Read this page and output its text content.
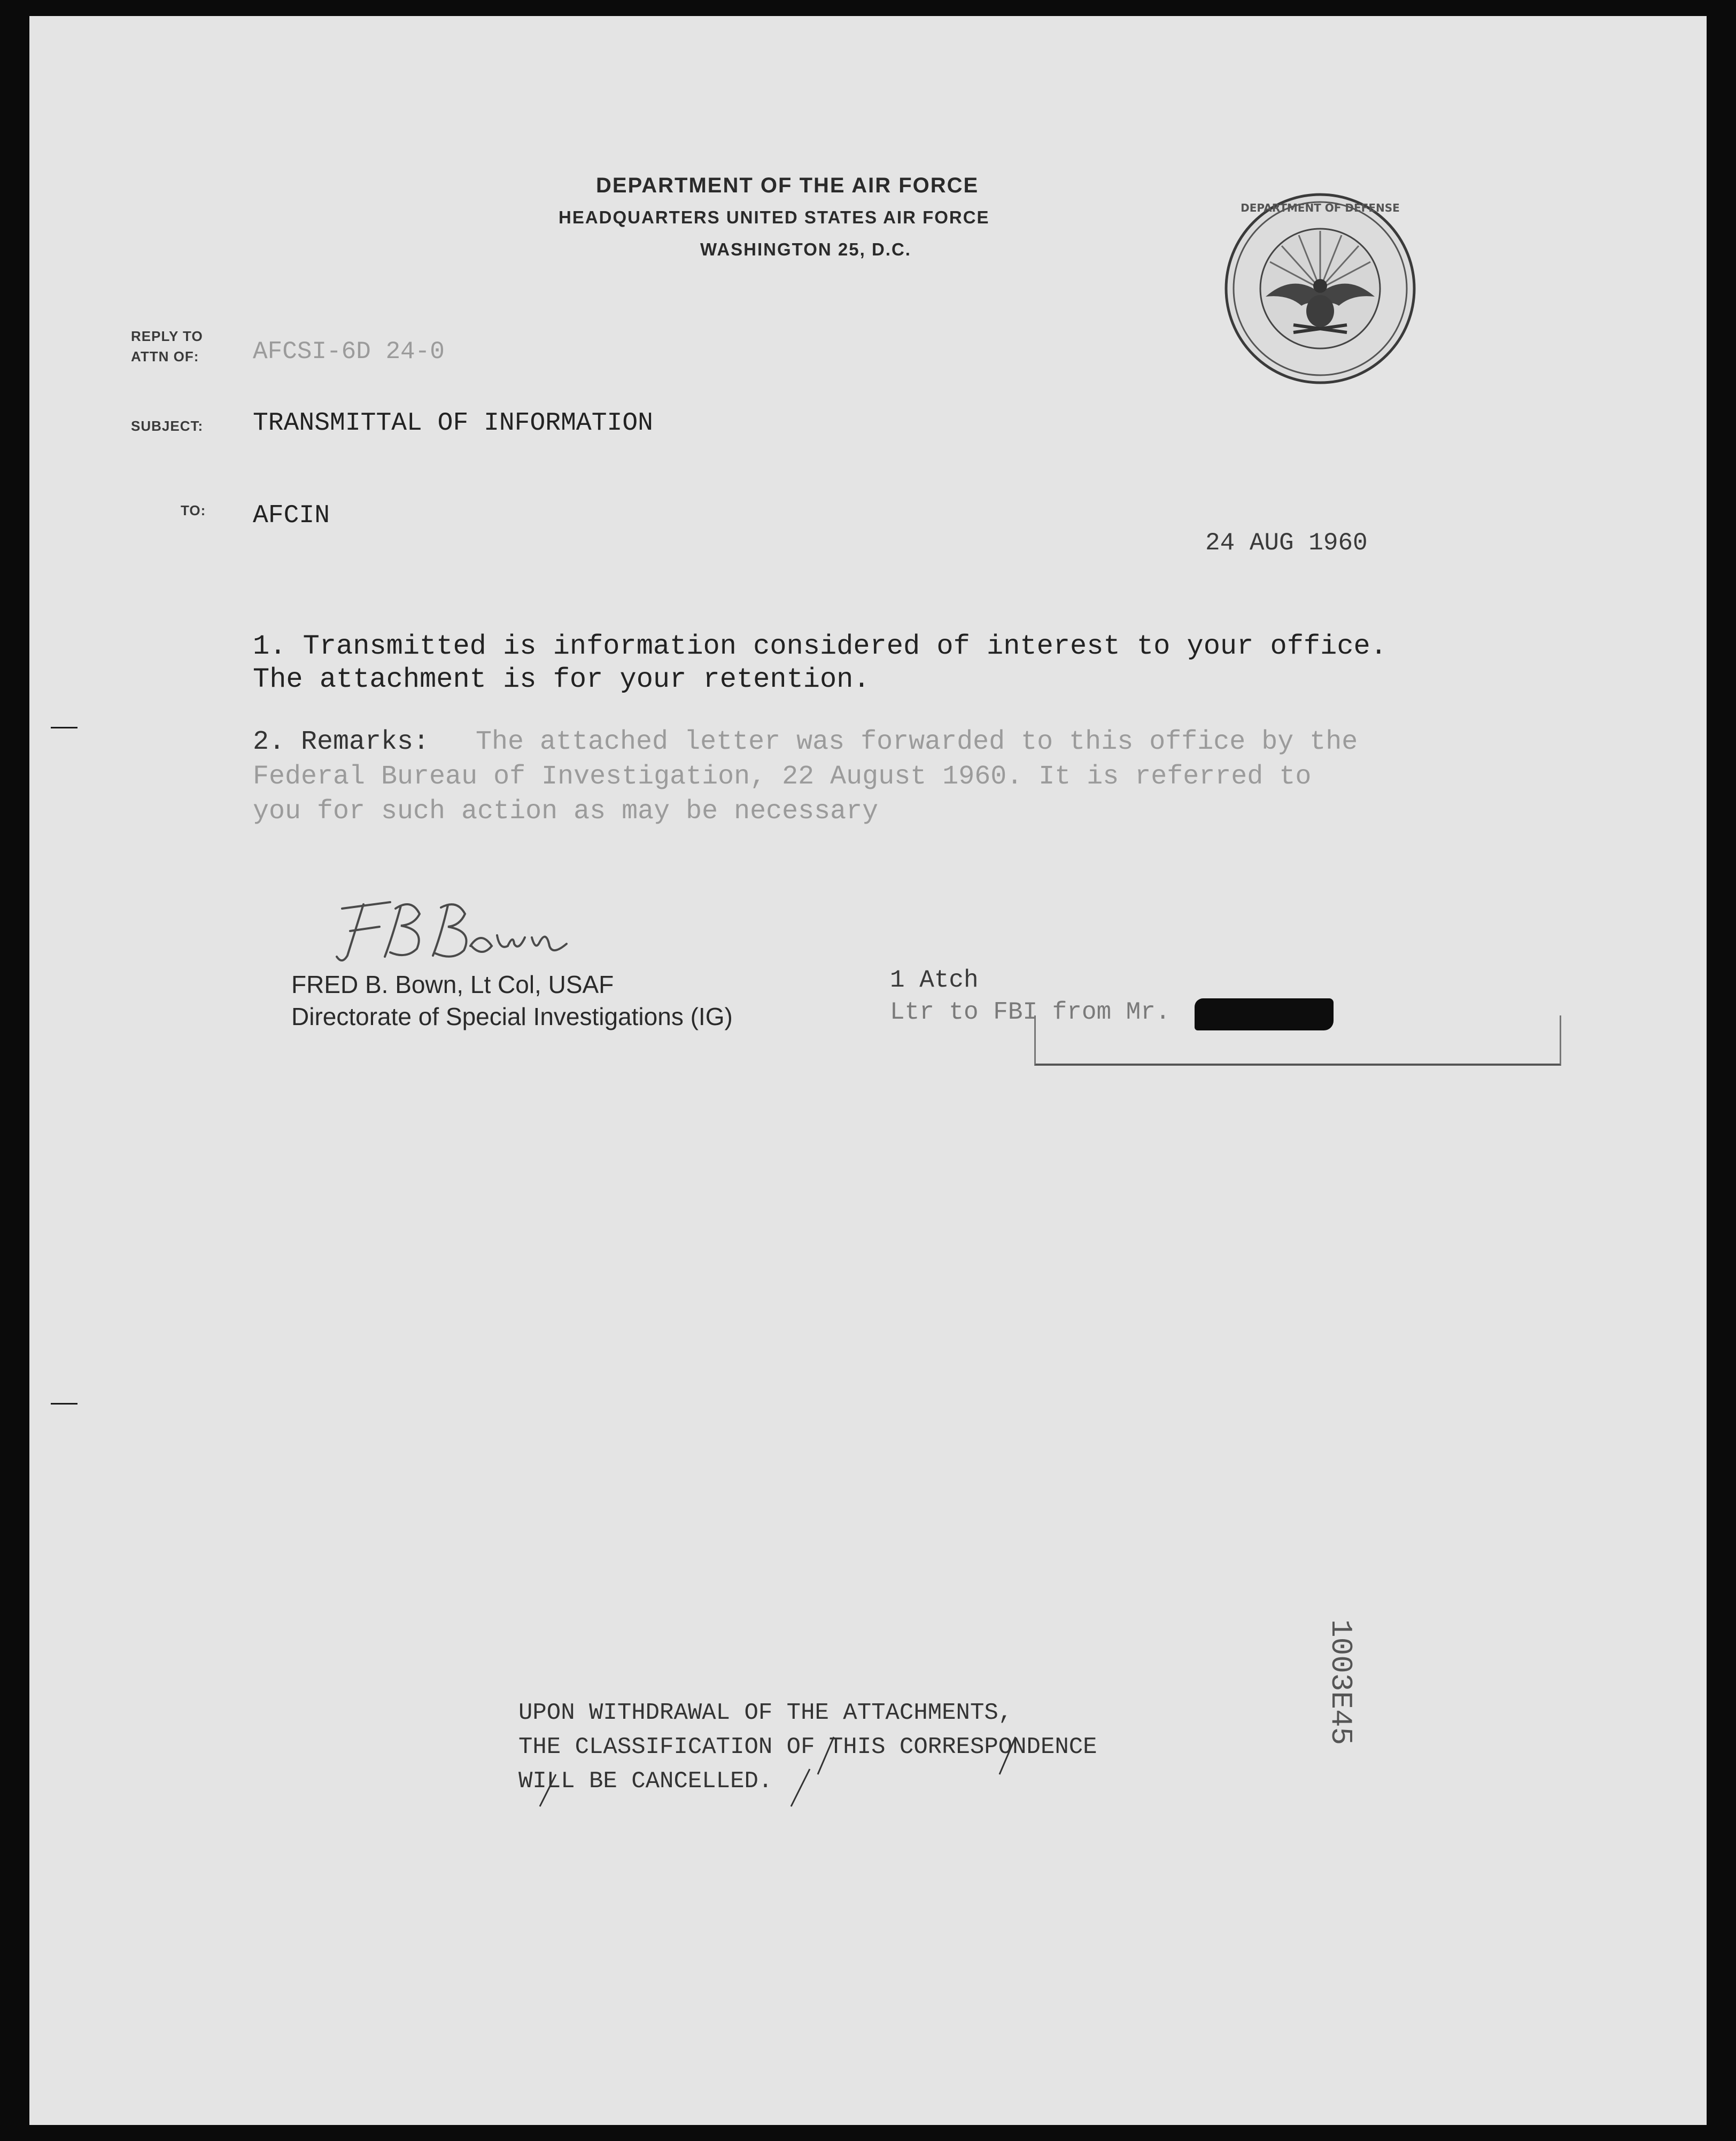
DEPARTMENT OF THE AIR FORCE
HEADQUARTERS UNITED STATES AIR FORCE
WASHINGTON 25, D.C.
DEPARTMENT OF DEFENSE
REPLY TO
ATTN OF: AFCSI-6D 24-0
SUBJECT: TRANSMITTAL OF INFORMATION
TO: AFCIN
24 AUG 1960
1. Transmitted is information considered of interest to your office.
The attachment is for your retention.
2. Remarks: The attached letter was forwarded to this office by the
Federal Bureau of Investigation, 22 August 1960. It is referred to
you for such action as may be necessary
FRED B. Bown, Lt Col, USAF
Directorate of Special Investigations (IG)
1 Atch
Ltr to FBI from Mr.
UPON WITHDRAWAL OF THE ATTACHMENTS,
THE CLASSIFICATION OF THIS CORRESPONDENCE
WILL BE CANCELLED.
1003E45
